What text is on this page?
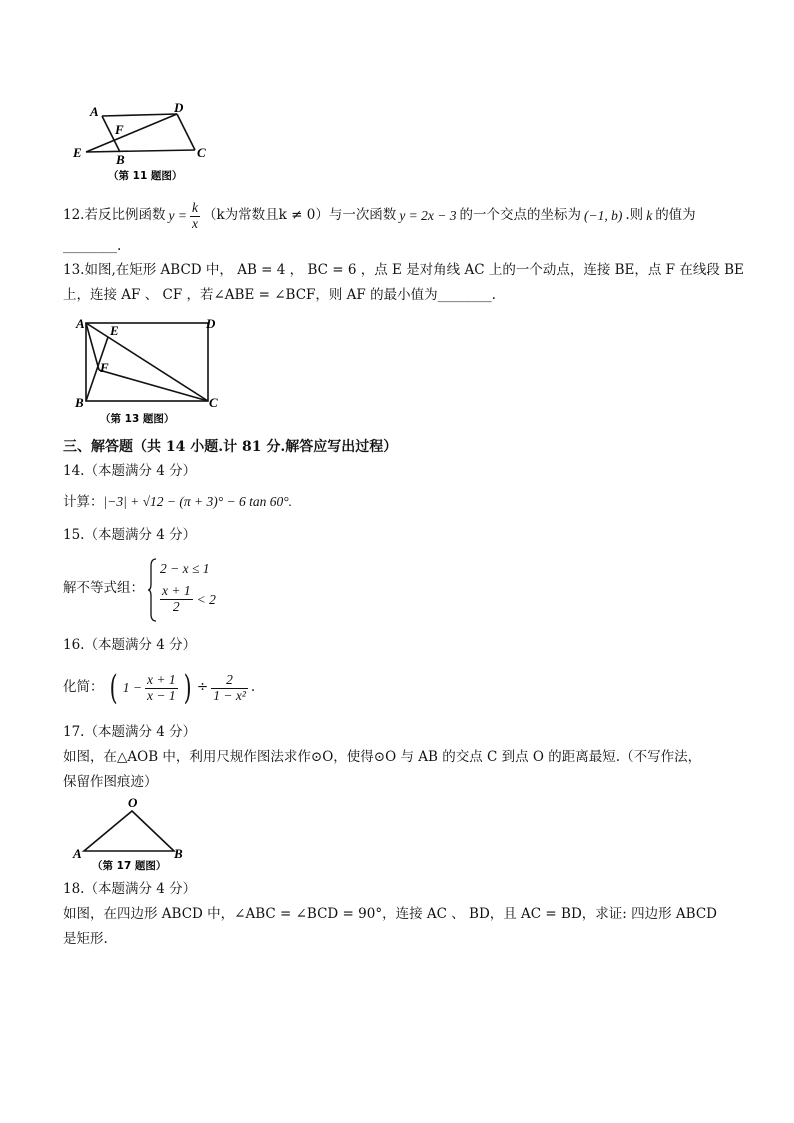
A	D
F
E	B	C
（第 11 题图）
12.若反比例函数 $y = \frac{k}{x} (k$为常数且k ≠ 0）与一次函数 y = 2x − 3 的一个交点的坐标为 (−1, b) .则 k 的值为
________.
13.如图,在矩形 ABCD 中， AB = 4 ， BC = 6 ，点 E 是对角线 AC 上的一个动点，连接 BE，点 F 在线段 BE
上，连接 AF 、 CF ，若∠ABE = ∠BCF，则 AF 的最小值为________.
A E	D
F
B	C
（第 13 题图）
三、解答题（共 14 小题.计 81 分.解答应写出过程）
14.（本题满分 4 分）
计算：|−3| + √12 − (π + 3)° − 6 tan 60°.
15.（本题满分 4 分）
解不等式组：
2 − x ≤ 1
$\frac{x + 1}{2} < 2$
16.（本题满分 4 分）
化简： ( $1 - \frac{x + 1}{x - 1}$ ) ÷ $\frac{2}{\text{1 − x²}}$ .
17.（本题满分 4 分）
如图，在△AOB 中，利用尺规作图法求作⊙O，使得⊙O 与 AB 的交点 C 到点 O 的距离最短.（不写作法，
保留作图痕迹）
O
A	B
（第 17 题图）
18.（本题满分 4 分）
如图，在四边形 ABCD 中，∠ABC = ∠BCD = 90°，连接 AC 、 BD，且 AC = BD，求证: 四边形 ABCD
是矩形.
